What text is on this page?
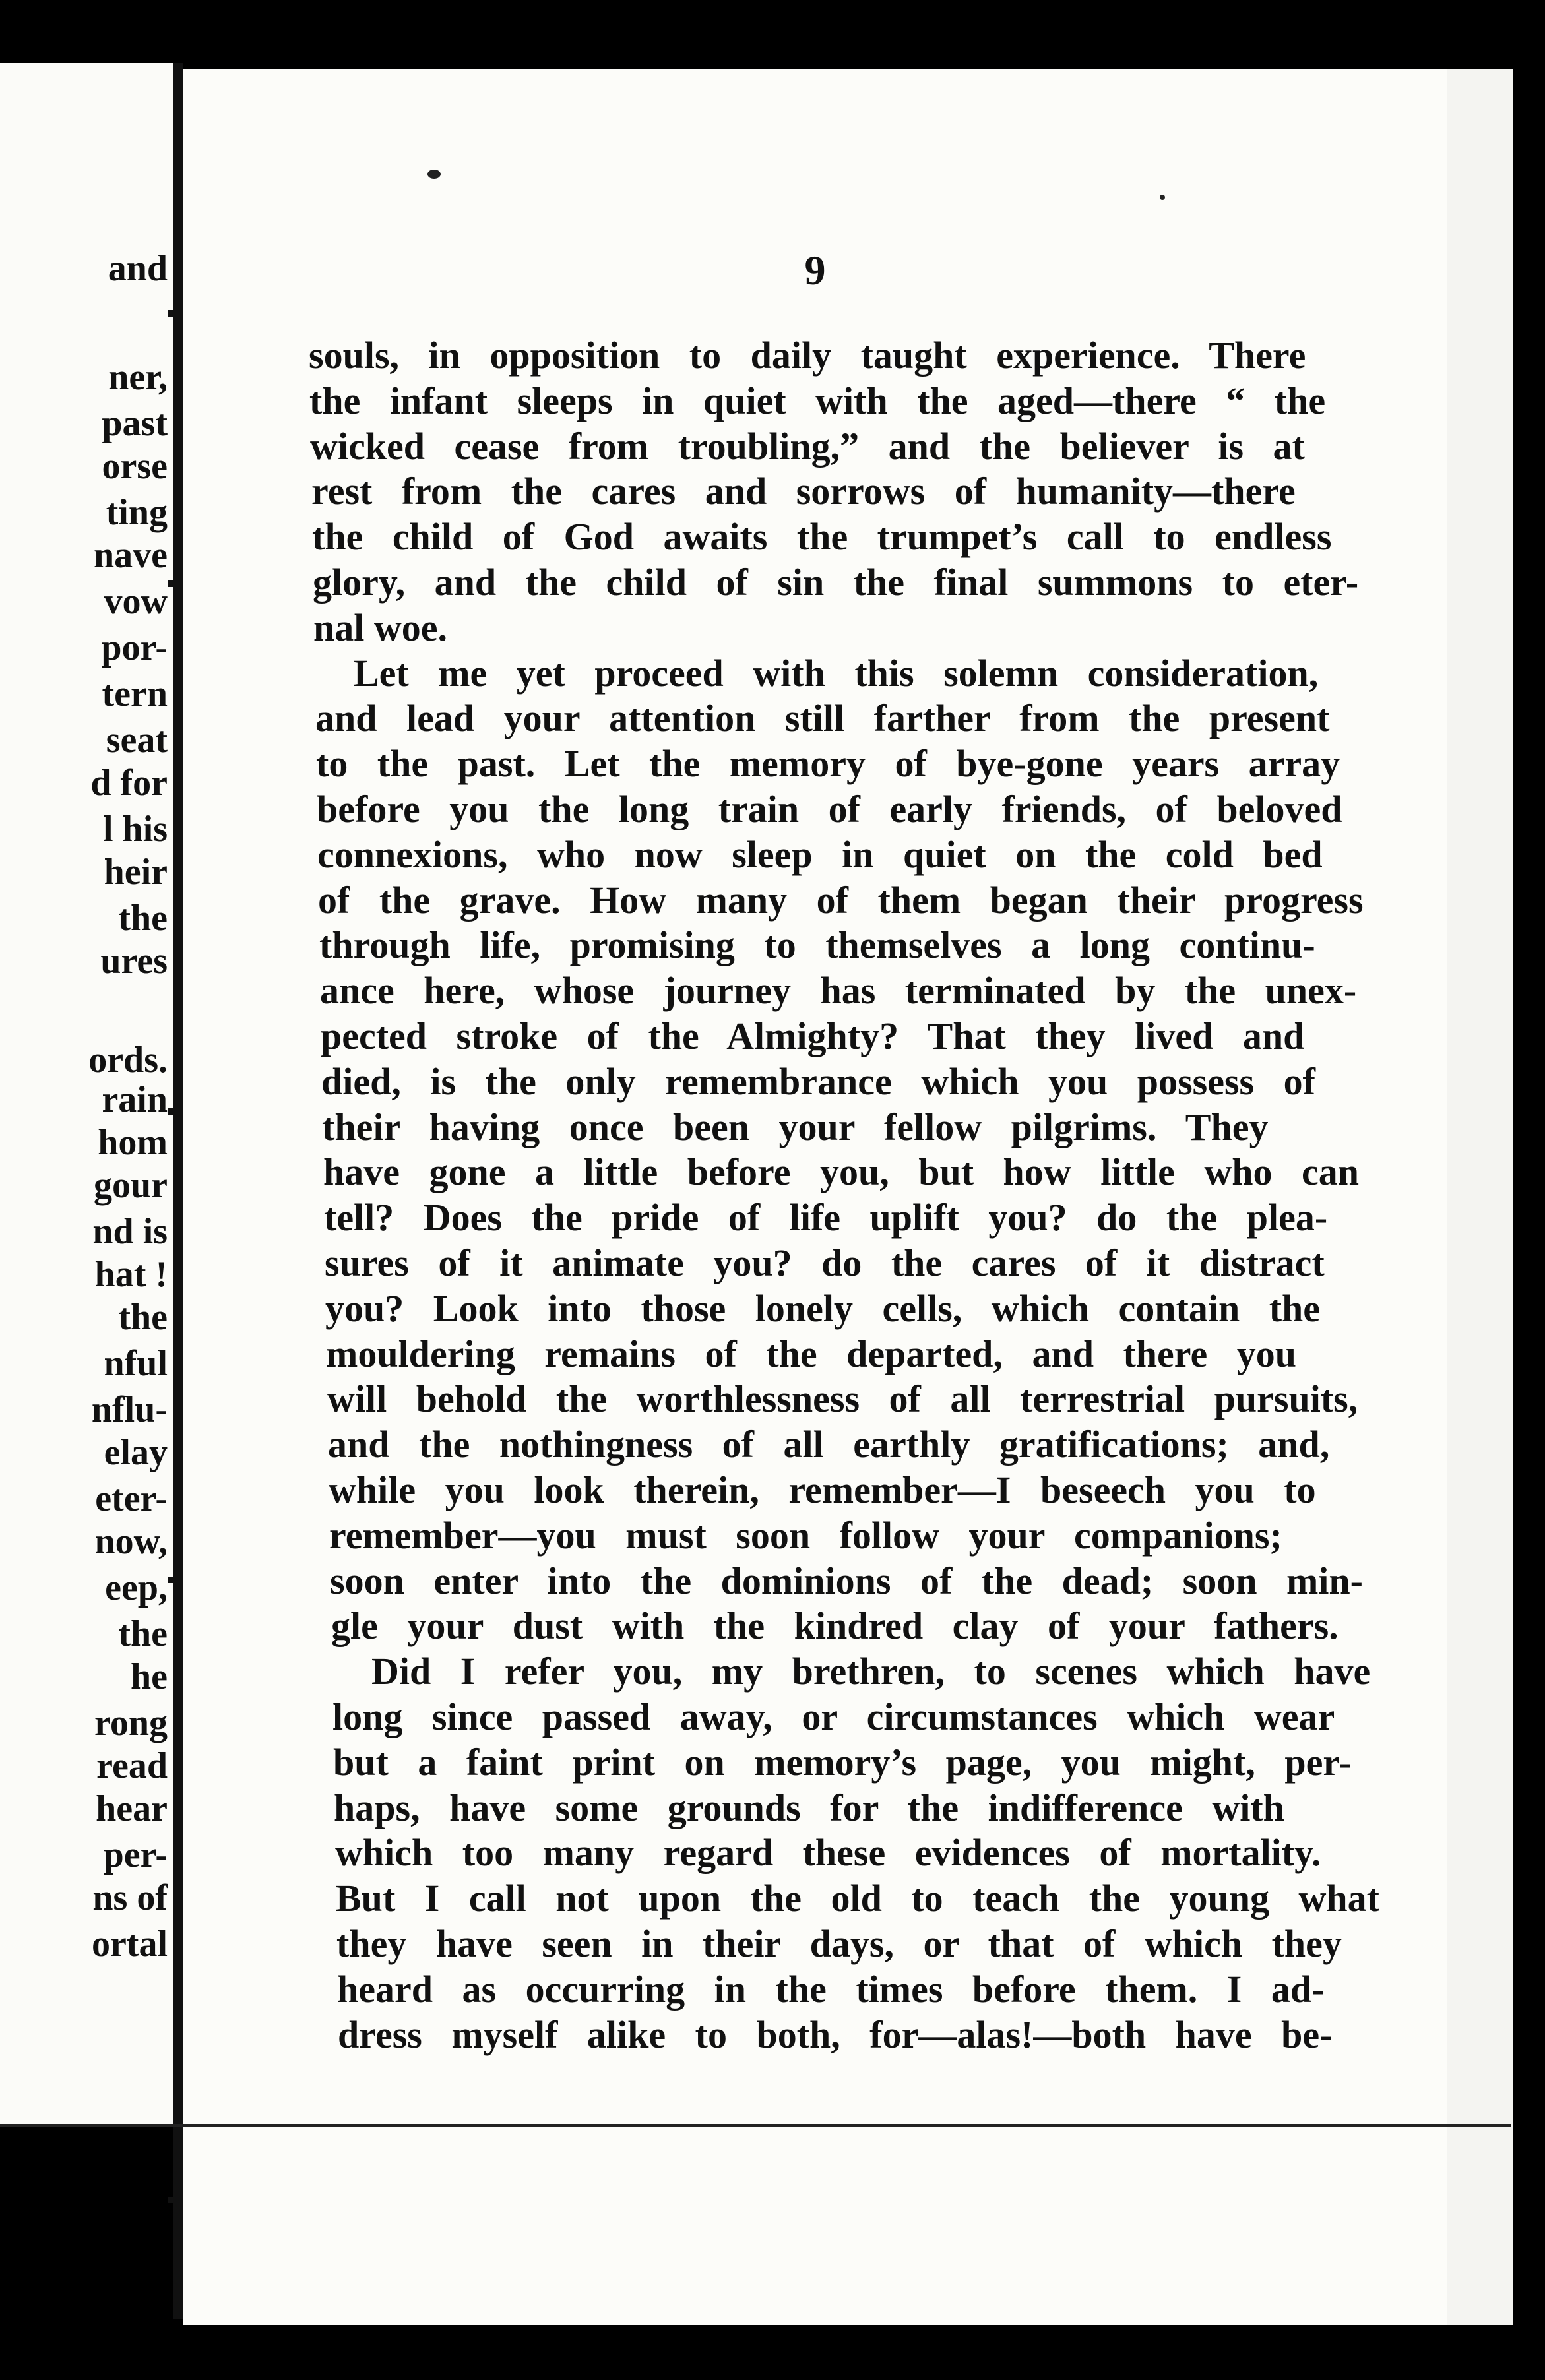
and
ner,
past
orse
ting
nave
vow
por-
tern
seat
d for
l his
heir
the
ures
ords.
rain
hom
gour
nd is
hat !
the
nful
nflu-
elay
eter-
now,
eep,
the
he
rong
read
hear
per-
ns of
ortal
9
souls, in opposition to daily taught experience. There
the infant sleeps in quiet with the aged—there “ the
wicked cease from troubling,” and the believer is at
rest from the cares and sorrows of humanity—there
the child of God awaits the trumpet’s call to endless
glory, and the child of sin the final summons to eter-
nal woe.
Let me yet proceed with this solemn consideration,
and lead your attention still farther from the present
to the past. Let the memory of bye-gone years array
before you the long train of early friends, of beloved
connexions, who now sleep in quiet on the cold bed
of the grave. How many of them began their progress
through life, promising to themselves a long continu-
ance here, whose journey has terminated by the unex-
pected stroke of the Almighty? That they lived and
died, is the only remembrance which you possess of
their having once been your fellow pilgrims. They
have gone a little before you, but how little who can
tell? Does the pride of life uplift you? do the plea-
sures of it animate you? do the cares of it distract
you? Look into those lonely cells, which contain the
mouldering remains of the departed, and there you
will behold the worthlessness of all terrestrial pursuits,
and the nothingness of all earthly gratifications; and,
while you look therein, remember—I beseech you to
remember—you must soon follow your companions;
soon enter into the dominions of the dead; soon min-
gle your dust with the kindred clay of your fathers.
Did I refer you, my brethren, to scenes which have
long since passed away, or circumstances which wear
but a faint print on memory’s page, you might, per-
haps, have some grounds for the indifference with
which too many regard these evidences of mortality.
But I call not upon the old to teach the young what
they have seen in their days, or that of which they
heard as occurring in the times before them. I ad-
dress myself alike to both, for—alas!—both have be-
